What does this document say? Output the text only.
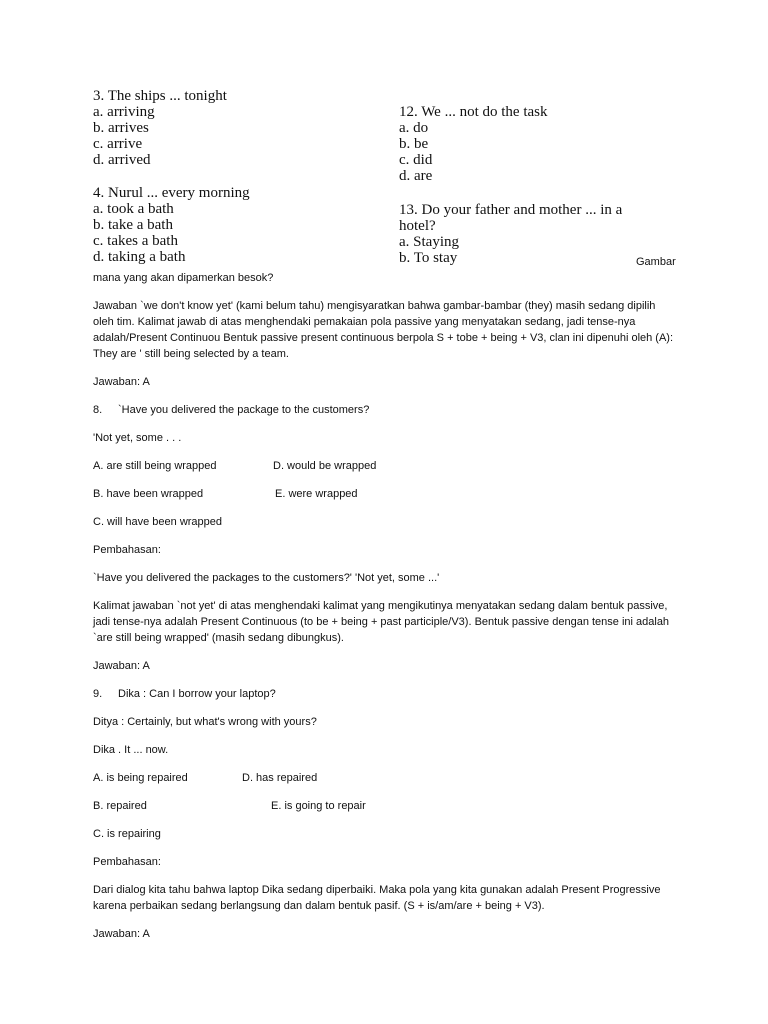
3. The ships ... tonight
a. arriving
b. arrives
c. arrive
d. arrived
4. Nurul ... every morning
a. took a bath
b. take a bath
c. takes a bath
d. taking a bath
12. We ... not do the task
a. do
b. be
c. did
d. are
13. Do your father and mother ... in a
hotel?
a. Staying
b. To stay	Gambar

mana yang akan dipamerkan besok?

Jawaban `we don't know yet' (kami belum tahu) mengisyaratkan bahwa gambar-bambar (they) masih sedang dipilih oleh tim. Kalimat jawab di atas menghendaki pemakaian pola passive yang menyatakan sedang, jadi tense-nya adalah/Present Continuou Bentuk passive present continuous berpola S + tobe + being + V3, clan ini dipenuhi oleh (A): They are ' still being selected by a team.

Jawaban: A

8.	`Have you delivered the package to the customers?

'Not yet, some . . .

A. are still being wrapped	D. would be wrapped
B. have been wrapped	E. were wrapped

C. will have been wrapped

Pembahasan:

`Have you delivered the packages to the customers?' 'Not yet, some ...'

Kalimat jawaban `not yet' di atas menghendaki kalimat yang mengikutinya menyatakan sedang dalam bentuk passive, jadi tense-nya adalah Present Continuous (to be + being + past participle/V3). Bentuk passive dengan tense ini adalah `are still being wrapped' (masih sedang dibungkus).

Jawaban: A

9.	Dika : Can I borrow your laptop?

Ditya : Certainly, but what's wrong with yours?

Dika . It ... now.

A. is being repaired	D. has repaired
B. repaired	E. is going to repair

C. is repairing

Pembahasan:

Dari dialog kita tahu bahwa laptop Dika sedang diperbaiki. Maka pola yang kita gunakan adalah Present Progressive karena perbaikan sedang berlangsung dan dalam bentuk pasif. (S + is/am/are + being + V3).

Jawaban: A
